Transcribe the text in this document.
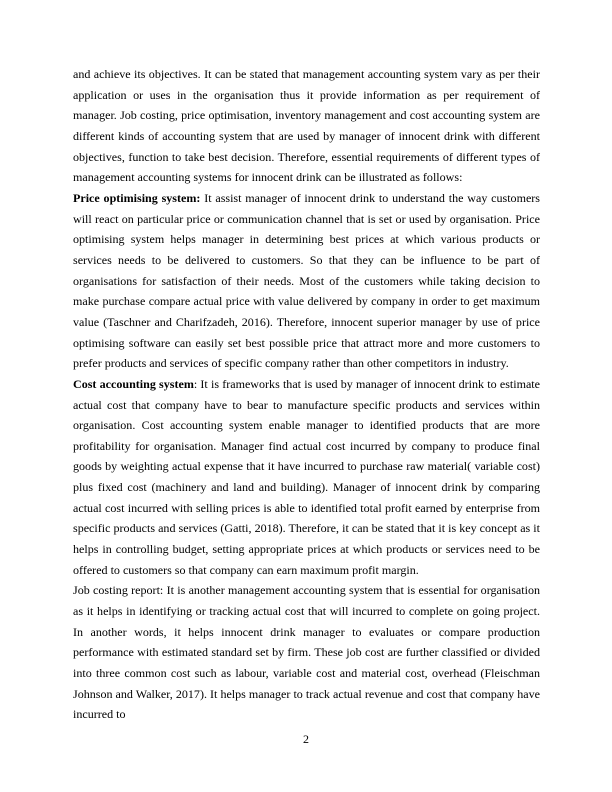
and achieve its objectives. It can be stated that management accounting system vary as per their application or uses in the organisation thus it provide information as per requirement of manager. Job costing, price optimisation, inventory management and cost accounting system are different kinds of accounting system that are used by manager of innocent drink with different objectives, function to take best decision. Therefore, essential requirements of different types of management accounting systems for innocent drink can be illustrated as follows:

Price optimising system: It assist manager of innocent drink to understand the way customers will react on particular price or communication channel that is set or used by organisation. Price optimising system helps manager in determining best prices at which various products or services needs to be delivered to customers. So that they can be influence to be part of organisations for satisfaction of their needs. Most of the customers while taking decision to make purchase compare actual price with value delivered by company in order to get maximum value (Taschner and Charifzadeh, 2016). Therefore, innocent superior manager by use of price optimising software can easily set best possible price that attract more and more customers to prefer products and services of specific company rather than other competitors in industry.

Cost accounting system: It is frameworks that is used by manager of innocent drink to estimate actual cost that company have to bear to manufacture specific products and services within organisation. Cost accounting system enable manager to identified products that are more profitability for organisation. Manager find actual cost incurred by company to produce final goods by weighting actual expense that it have incurred to purchase raw material( variable cost) plus fixed cost (machinery and land and building). Manager of innocent drink by comparing actual cost incurred with selling prices is able to identified total profit earned by enterprise from specific products and services (Gatti, 2018). Therefore, it can be stated that it is key concept as it helps in controlling budget, setting appropriate prices at which products or services need to be offered to customers so that company can earn maximum profit margin.

Job costing report: It is another management accounting system that is essential for organisation as it helps in identifying or tracking actual cost that will incurred to complete on going project. In another words, it helps innocent drink manager to evaluates or compare production performance with estimated standard set by firm. These job cost are further classified or divided into three common cost such as labour, variable cost and material cost, overhead (Fleischman Johnson and Walker, 2017). It helps manager to track actual revenue and cost that company have incurred to

2
